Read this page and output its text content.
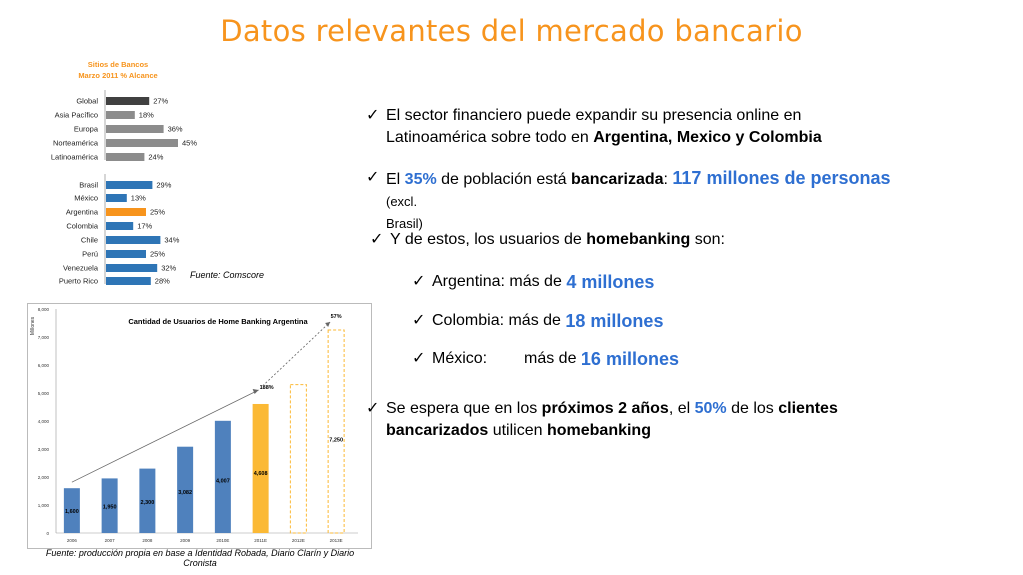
Datos relevantes del mercado bancario
Sitios de Bancos
Marzo 2011 % Alcance
Global	27%
Asia Pacífico	18%
Europa	36%
Norteamérica	45%
Latinoamérica	24%
Brasil	29%
México	13%
Argentina	25%
Colombia	17%
Chile	34%
Perú	25%
Venezuela	32%
Puerto Rico	28%
Fuente: Comscore
Cantidad de Usuarios de Home Banking Argentina
Millones
0
1,000
2,000
3,000
4,000
5,000
6,000
7,000
8,000
2006
1,600
2007
1,950
2008
2,300
2009
3,082
2010E
4,007
2011E
4,608
2012E	2013E
7,250
188%
57%
Fuente: producción propia en base a Identidad Robada, Diario Clarín y Diario Cronista
✓ El sector financiero puede expandir su presencia online en
Latinoamérica sobre todo en Argentina, Mexico y Colombia
✓ El 35% de población está bancarizada: 117 millones de personas (excl.
Brasil)
✓ Y de estos, los usuarios de homebanking son:
✓ Argentina: más de
4 millones
✓ Colombia: más de
18 millones
✓ México:	más de
16 millones
✓ Se espera que en los próximos 2 años, el 50% de los clientes
bancarizados utilicen homebanking
